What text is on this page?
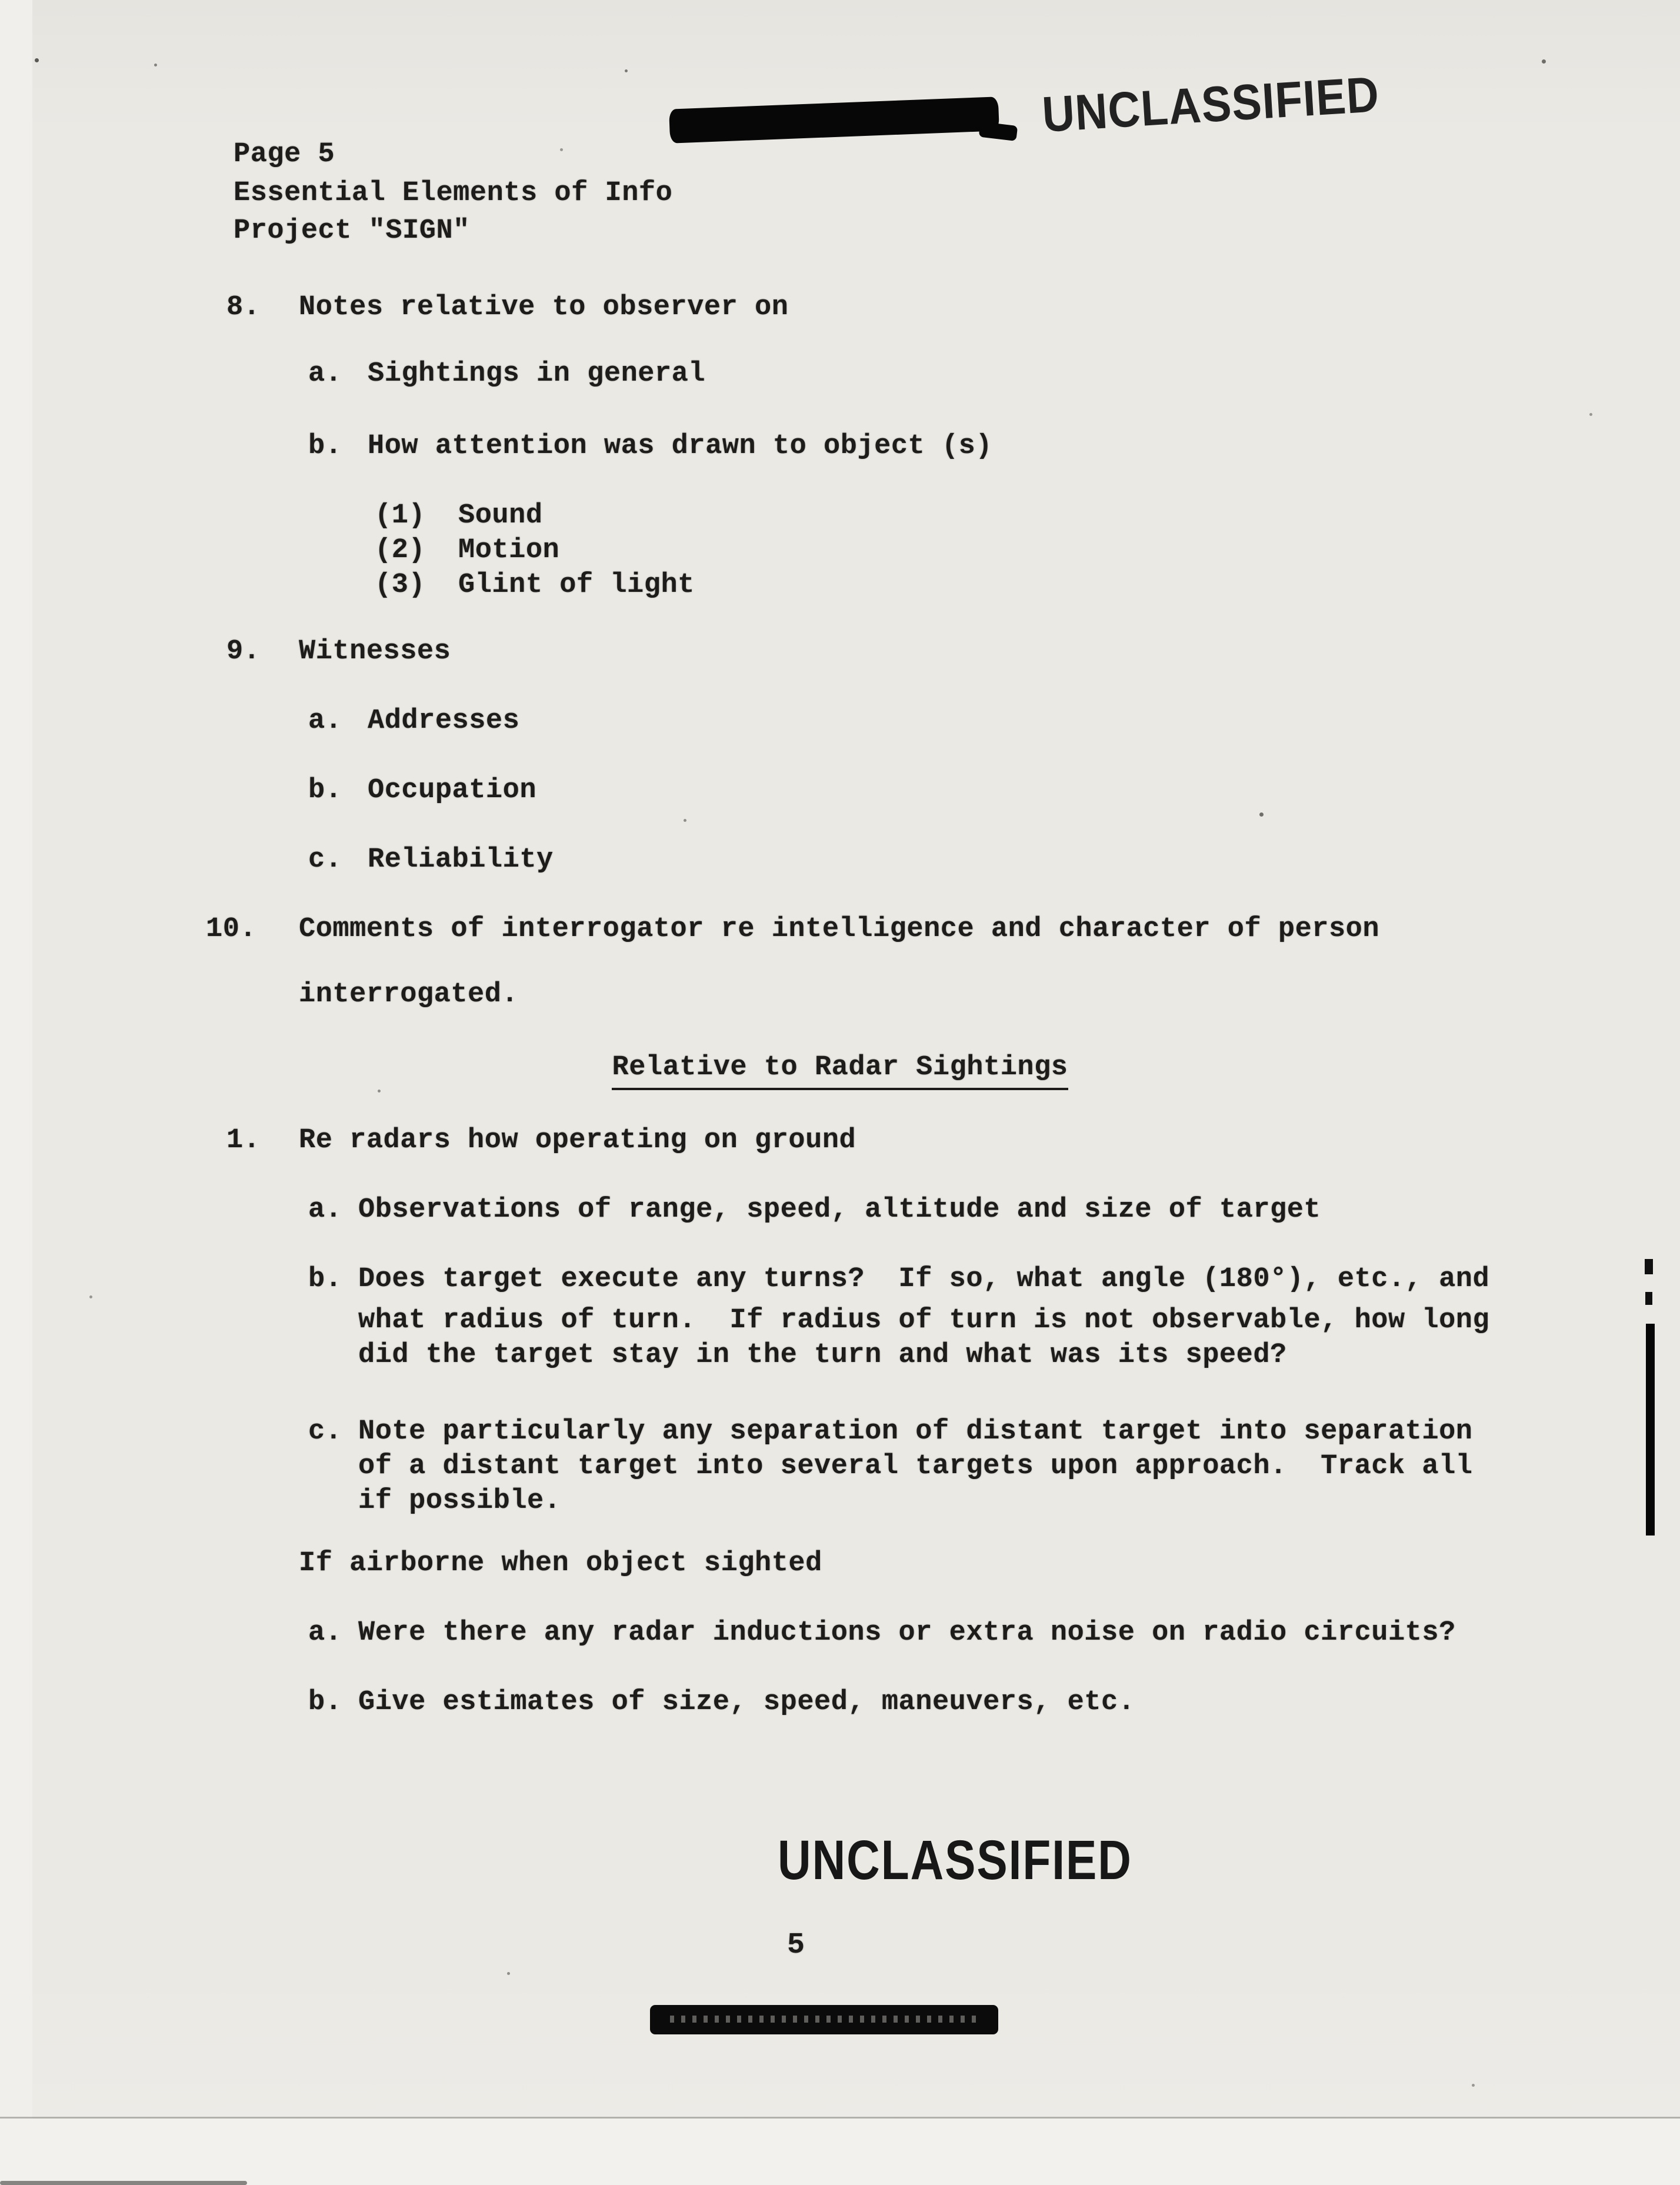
UNCLASSIFIED
Page 5
Essential Elements of Info
Project "SIGN"
8. Notes relative to observer on
a. Sightings in general
b. How attention was drawn to object (s)
(1) Sound
(2) Motion
(3) Glint of light
9. Witnesses
a. Addresses
b. Occupation
c. Reliability
10. Comments of interrogator re intelligence and character of person
interrogated.
Relative to Radar Sightings
1. Re radars how operating on ground
a. Observations of range, speed, altitude and size of target
b. Does target execute any turns?  If so, what angle (180°), etc., and
what radius of turn.  If radius of turn is not observable, how long
did the target stay in the turn and what was its speed?
c. Note particularly any separation of distant target into separation
of a distant target into several targets upon approach.  Track all
if possible.
If airborne when object sighted
a. Were there any radar inductions or extra noise on radio circuits?
b. Give estimates of size, speed, maneuvers, etc.
UNCLASSIFIED
5
